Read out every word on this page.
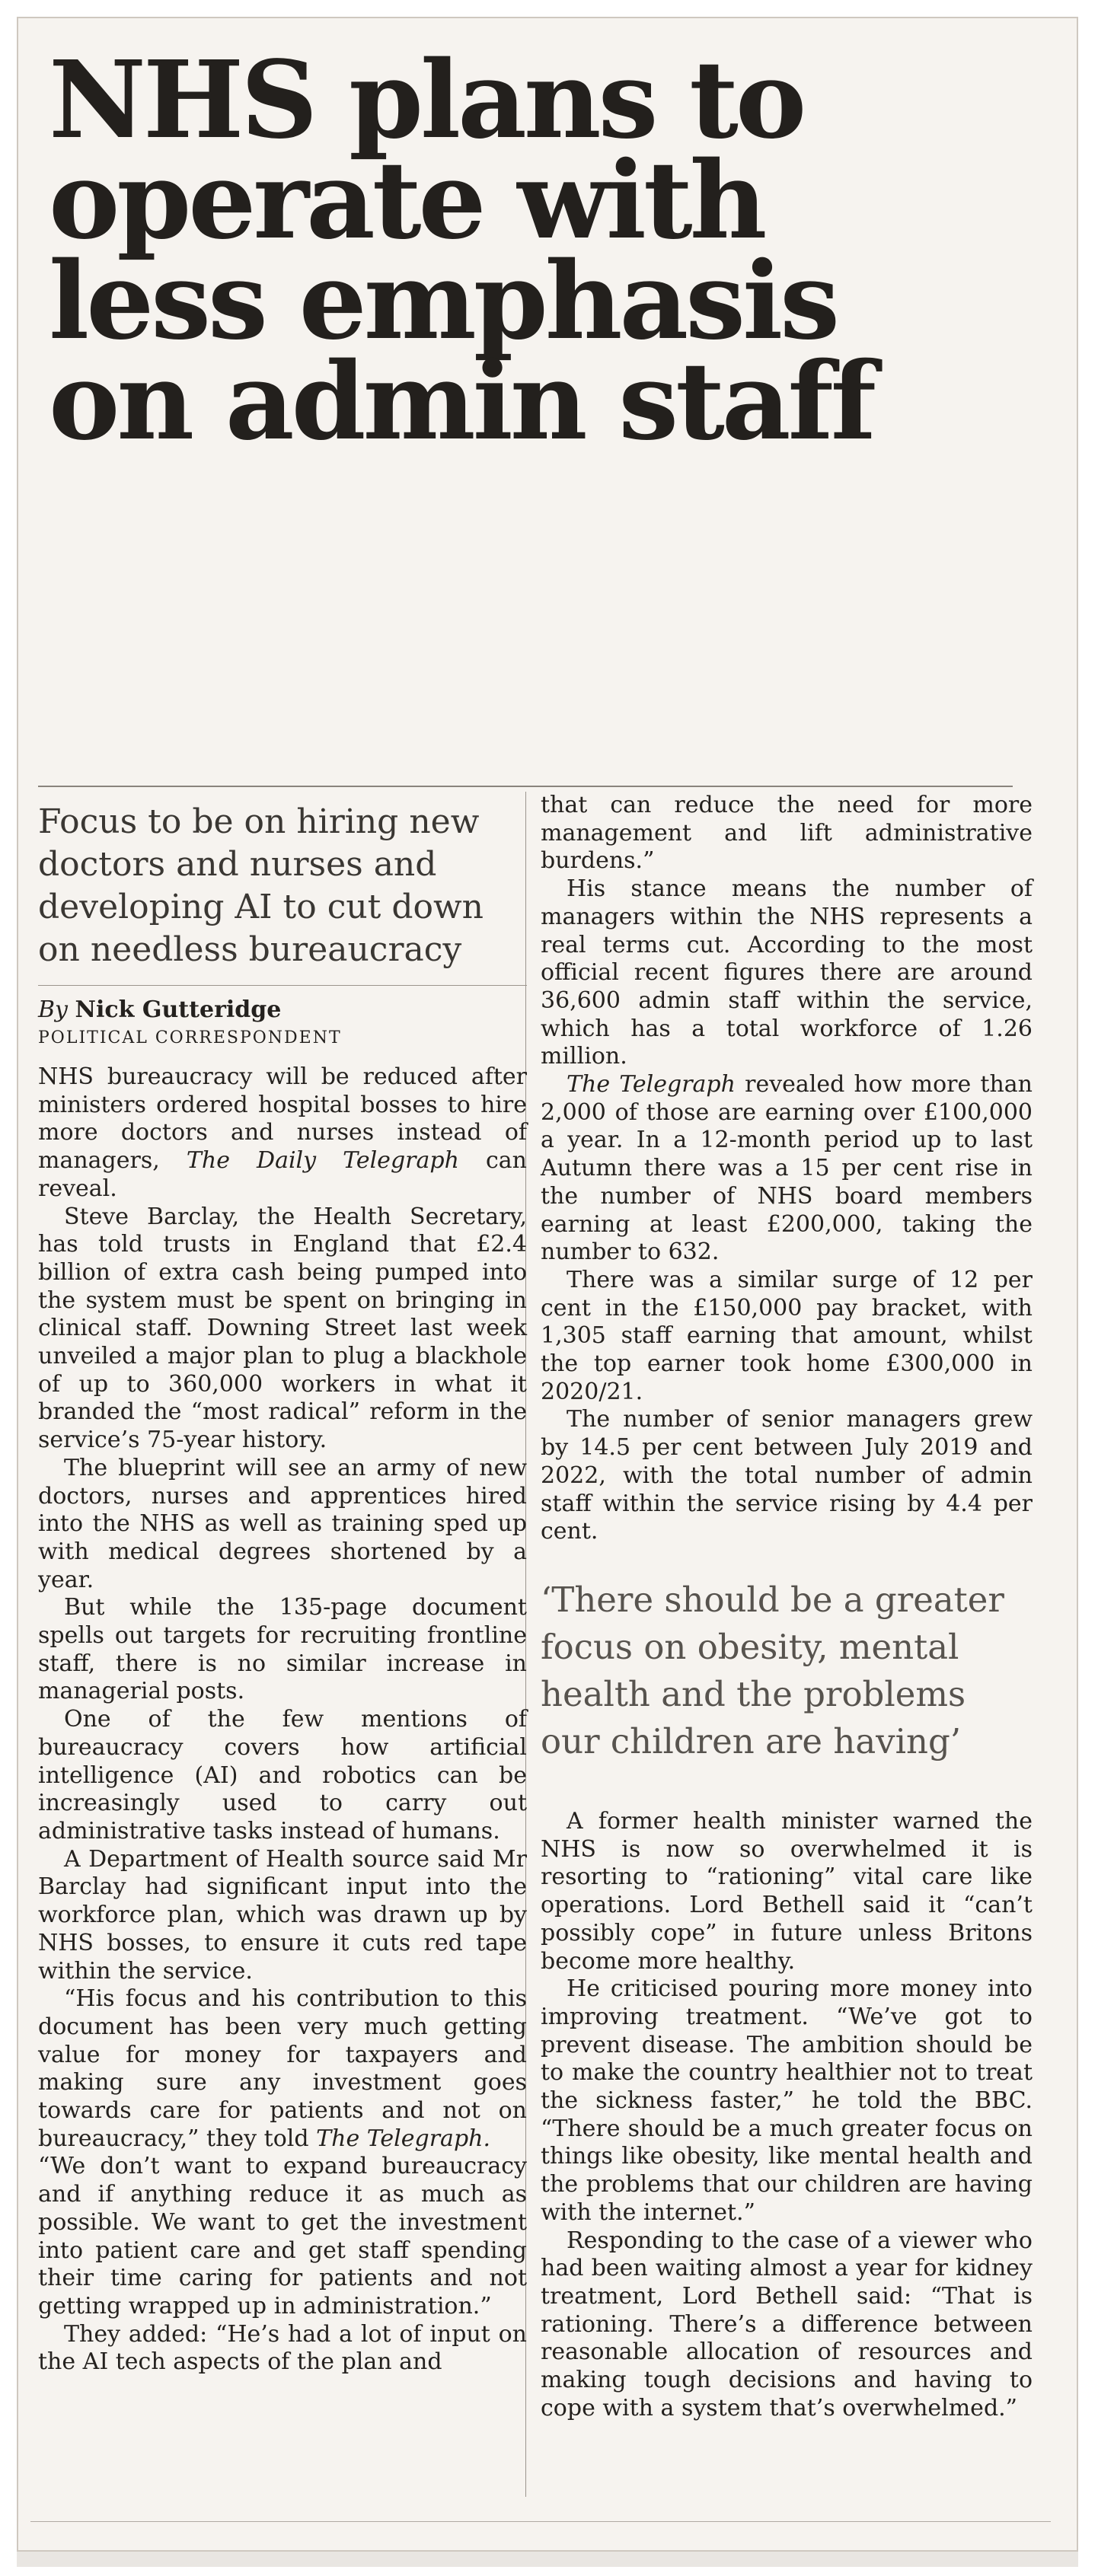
NHS plans to
operate with
less emphasis
on admin staff

Focus to be on hiring new doctors and nurses and developing AI to cut down on needless bureaucracy

By Nick Gutteridge

POLITICAL CORRESPONDENT

NHS bureaucracy will be reduced after ministers ordered hospital bosses to hire more doctors and nurses instead of managers, The Daily Telegraph can reveal.

Steve Barclay, the Health Secretary, has told trusts in England that £2.4 billion of extra cash being pumped into the system must be spent on bringing in clinical staff. Downing Street last week unveiled a major plan to plug a blackhole of up to 360,000 workers in what it branded the “most radical” reform in the service’s 75-year history.

The blueprint will see an army of new doctors, nurses and apprentices hired into the NHS as well as training sped up with medical degrees shortened by a year.

But while the 135-page document spells out targets for recruiting frontline staff, there is no similar increase in managerial posts.

One of the few mentions of bureaucracy covers how artificial intelligence (AI) and robotics can be increasingly used to carry out administrative tasks instead of humans.

A Department of Health source said Mr Barclay had significant input into the workforce plan, which was drawn up by NHS bosses, to ensure it cuts red tape within the service.

“His focus and his contribution to this document has been very much getting value for money for taxpayers and making sure any investment goes towards care for patients and not on bureaucracy,” they told The Telegraph.

“We don’t want to expand bureaucracy and if anything reduce it as much as possible. We want to get the investment into patient care and get staff spending their time caring for patients and not getting wrapped up in administration.”

They added: “He’s had a lot of input on the AI tech aspects of the plan and

that can reduce the need for more management and lift administrative burdens.”

His stance means the number of managers within the NHS represents a real terms cut. According to the most official recent figures there are around 36,600 admin staff within the service, which has a total workforce of 1.26 million.

The Telegraph revealed how more than 2,000 of those are earning over £100,000 a year. In a 12-month period up to last Autumn there was a 15 per cent rise in the number of NHS board members earning at least £200,000, taking the number to 632.

There was a similar surge of 12 per cent in the £150,000 pay bracket, with 1,305 staff earning that amount, whilst the top earner took home £300,000 in 2020/21.

The number of senior managers grew by 14.5 per cent between July 2019 and 2022, with the total number of admin staff within the service rising by 4.4 per cent.

‘There should be a greater focus on obesity, mental health and the problems our children are having’

A former health minister warned the NHS is now so overwhelmed it is resorting to “rationing” vital care like operations. Lord Bethell said it “can’t possibly cope” in future unless Britons become more healthy.

He criticised pouring more money into improving treatment. “We’ve got to prevent disease. The ambition should be to make the country healthier not to treat the sickness faster,” he told the BBC. “There should be a much greater focus on things like obesity, like mental health and the problems that our children are having with the internet.”

Responding to the case of a viewer who had been waiting almost a year for kidney treatment, Lord Bethell said: “That is rationing. There’s a difference between reasonable allocation of resources and making tough decisions and having to cope with a system that’s overwhelmed.”
